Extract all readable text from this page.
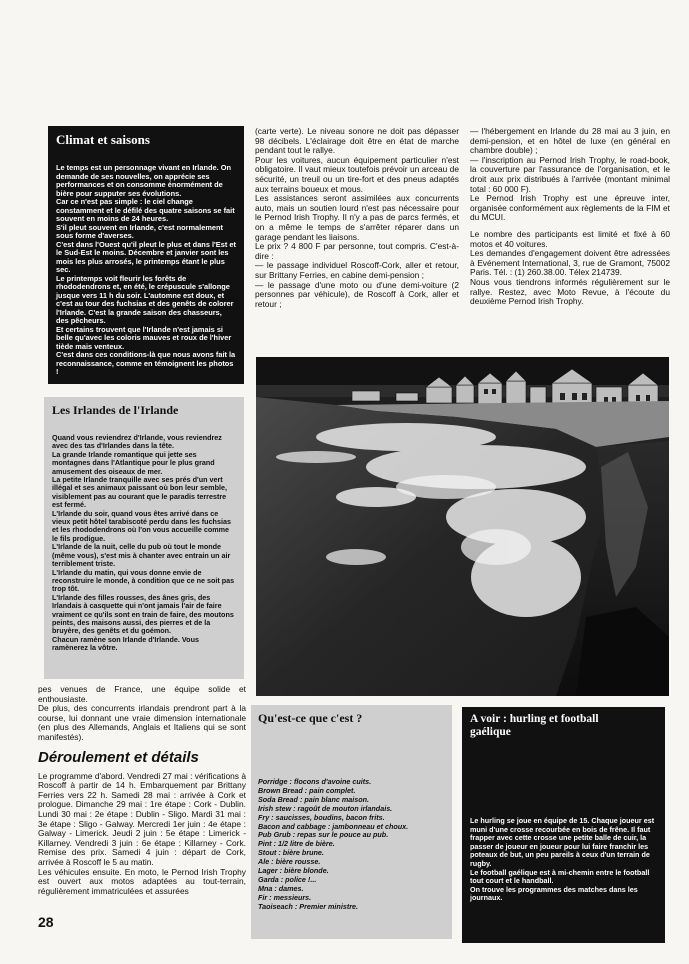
Climat et saisons

Le temps est un personnage vivant en Irlande. On demande de ses nouvelles, on apprécie ses performances et on consomme énormément de bière pour supputer ses évolutions.

Car ce n'est pas simple : le ciel change constamment et le défilé des quatre saisons se fait souvent en moins de 24 heures.

S'il pleut souvent en Irlande, c'est normalement sous forme d'averses.

C'est dans l'Ouest qu'il pleut le plus et dans l'Est et le Sud-Est le moins. Décembre et janvier sont les mois les plus arrosés, le printemps étant le plus sec.

Le printemps voit fleurir les forêts de rhododendrons et, en été, le crépuscule s'allonge jusque vers 11 h du soir. L'automne est doux, et c'est au tour des fuchsias et des genêts de colorer l'Irlande. C'est la grande saison des chasseurs, des pêcheurs.

Et certains trouvent que l'Irlande n'est jamais si belle qu'avec les coloris mauves et roux de l'hiver tiède mais venteux.

C'est dans ces conditions-là que nous avons fait la reconnaissance, comme en témoignent les photos !

Les Irlandes de l'Irlande

Quand vous reviendrez d'Irlande, vous reviendrez avec des tas d'Irlandes dans la tête.

La grande Irlande romantique qui jette ses montagnes dans l'Atlantique pour le plus grand amusement des oiseaux de mer.

La petite Irlande tranquille avec ses prés d'un vert illégal et ses animaux paissant où bon leur semble, visiblement pas au courant que le paradis terrestre est fermé.

L'Irlande du soir, quand vous êtes arrivé dans ce vieux petit hôtel tarabiscoté perdu dans les fuchsias et les rhododendrons où l'on vous accueille comme le fils prodigue.

L'Irlande de la nuit, celle du pub où tout le monde (même vous), s'est mis à chanter avec entrain un air terriblement triste.

L'Irlande du matin, qui vous donne envie de reconstruire le monde, à condition que ce ne soit pas trop tôt.

L'Irlande des filles rousses, des ânes gris, des Irlandais à casquette qui n'ont jamais l'air de faire vraiment ce qu'ils sont en train de faire, des moutons peints, des maisons aussi, des pierres et de la bruyère, des genêts et du goémon.

Chacun ramène son Irlande d'Irlande. Vous ramènerez la vôtre.

pes venues de France, une équipe solide et enthousiaste.

De plus, des concurrents irlandais prendront part à la course, lui donnant une vraie dimension internationale (en plus des Allemands, Anglais et Italiens qui se sont manifestés).

Déroulement et détails

Le programme d'abord. Vendredi 27 mai : vérifications à Roscoff à partir de 14 h. Embarquement par Brittany Ferries vers 22 h. Samedi 28 mai : arrivée à Cork et prologue. Dimanche 29 mai : 1re étape : Cork - Dublin. Lundi 30 mai : 2e étape : Dublin - Sligo. Mardi 31 mai : 3e étape : Sligo - Galway. Mercredi 1er juin : 4e étape : Galway - Limerick. Jeudi 2 juin : 5e étape : Limerick - Killarney. Vendredi 3 juin : 6e étape : Killarney - Cork. Remise des prix. Samedi 4 juin : départ de Cork, arrivée à Roscoff le 5 au matin.

Les véhicules ensuite. En moto, le Pernod Irish Trophy est ouvert aux motos adaptées au tout-terrain, régulièrement immatriculées et assurées

(carte verte). Le niveau sonore ne doit pas dépasser 98 décibels. L'éclairage doit être en état de marche pendant tout le rallye.

Pour les voitures, aucun équipement particulier n'est obligatoire. Il vaut mieux toutefois prévoir un arceau de sécurité, un treuil ou un tire-fort et des pneus adaptés aux terrains boueux et mous.

Les assistances seront assimilées aux concurrents auto, mais un soutien lourd n'est pas nécessaire pour le Pernod Irish Trophy. Il n'y a pas de parcs fermés, et on a même le temps de s'arrêter réparer dans un garage pendant les liaisons.

Le prix ? 4 800 F par personne, tout compris. C'est-à-dire :

— le passage individuel Roscoff-Cork, aller et retour, sur Brittany Ferries, en cabine demi-pension ;

— le passage d'une moto ou d'une demi-voiture (2 personnes par véhicule), de Roscoff à Cork, aller et retour ;

— l'hébergement en Irlande du 28 mai au 3 juin, en demi-pension, et en hôtel de luxe (en général en chambre double) ;

— l'inscription au Pernod Irish Trophy, le road-book, la couverture par l'assurance de l'organisation, et le droit aux prix distribués à l'arrivée (montant minimal total : 60 000 F).

Le Pernod Irish Trophy est une épreuve inter, organisée conformément aux règlements de la FIM et du MCUI.

Le nombre des participants est limité et fixé à 60 motos et 40 voitures.

Les demandes d'engagement doivent être adressées à Evénement International, 3, rue de Gramont, 75002 Paris. Tél. : (1) 260.38.00. Télex 214739.

Nous vous tiendrons informés régulièrement sur le rallye. Restez, avec Moto Revue, à l'écoute du deuxième Pernod Irish Trophy.

Qu'est-ce que c'est ?
Porridge : flocons d'avoine cuits.
Brown Bread : pain complet.
Soda Bread : pain blanc maison.
Irish stew : ragoût de mouton irlandais.
Fry : saucisses, boudins, bacon frits.
Bacon and cabbage : jambonneau et choux.
Pub Grub : repas sur le pouce au pub.
Pint : 1/2 litre de bière.
Stout : bière brune.
Ale : bière rousse.
Lager : bière blonde.
Garda : police !...
Mna : dames.
Fir : messieurs.
Taoiseach : Premier ministre.
A voir : hurling et football gaélique

Le hurling se joue en équipe de 15. Chaque joueur est muni d'une crosse recourbée en bois de frêne. Il faut frapper avec cette crosse une petite balle de cuir, la passer de joueur en joueur pour lui faire franchir les poteaux de but, un peu pareils à ceux d'un terrain de rugby.

Le football gaélique est à mi-chemin entre le football tout court et le handball.

On trouve les programmes des matches dans les journaux.

28
